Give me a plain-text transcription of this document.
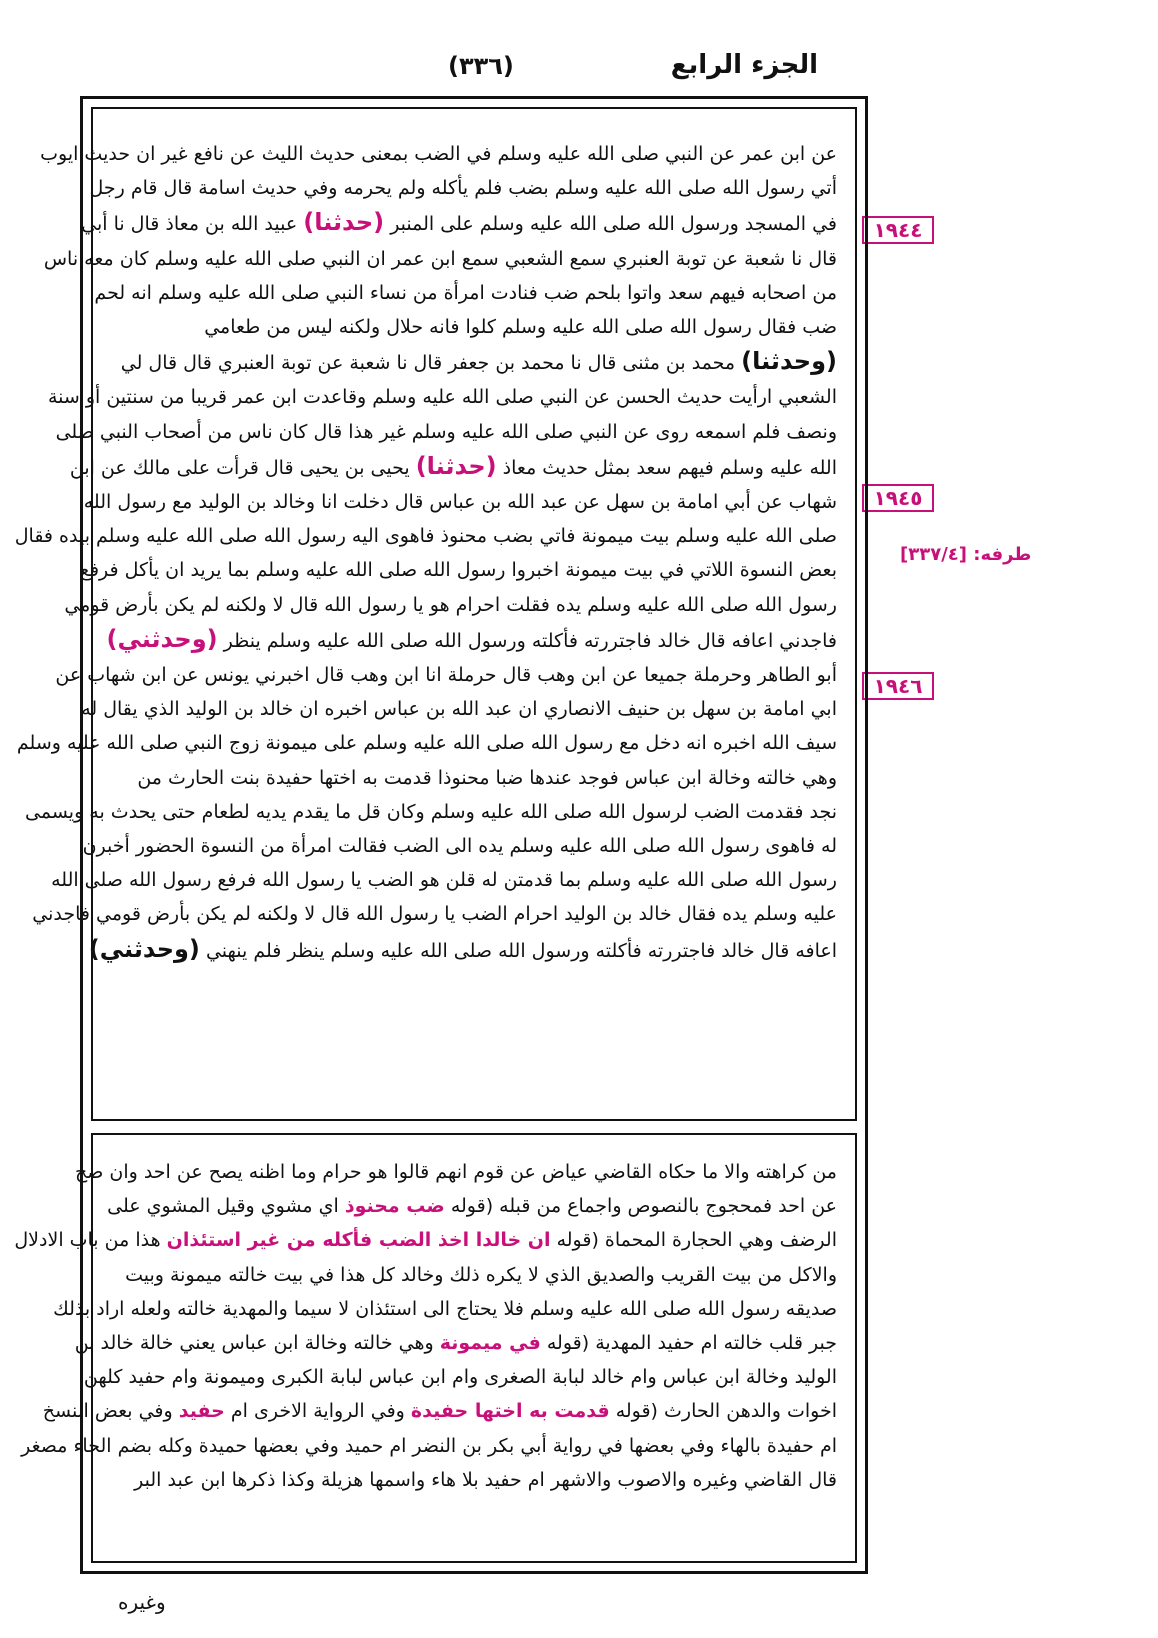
الجزء الرابع
(٣٣٦)
١٩٤٤
١٩٤٥
طرفه: [٣٣٧/٤]
١٩٤٦

عن ابن عمر عن النبي صلى الله عليه وسلم في الضب بمعنى حديث الليث عن نافع غير ان حديث ايوب

أتي رسول الله صلى الله عليه وسلم بضب فلم يأكله ولم يحرمه وفي حديث اسامة قال قام رجل

في المسجد ورسول الله صلى الله عليه وسلم على المنبر (حدثنا) عبيد الله بن معاذ قال نا أبي

قال نا شعبة عن توبة العنبري سمع الشعبي سمع ابن عمر ان النبي صلى الله عليه وسلم كان معه ناس

من اصحابه فيهم سعد واتوا بلحم ضب فنادت امرأة من نساء النبي صلى الله عليه وسلم انه لحم

ضب فقال رسول الله صلى الله عليه وسلم كلوا فانه حلال ولكنه ليس من طعامي

(وحدثنا) محمد بن مثنى قال نا محمد بن جعفر قال نا شعبة عن توبة العنبري قال قال لي

الشعبي ارأيت حديث الحسن عن النبي صلى الله عليه وسلم وقاعدت ابن عمر قريبا من سنتين أو سنة

ونصف فلم اسمعه روى عن النبي صلى الله عليه وسلم غير هذا قال كان ناس من أصحاب النبي صلى

الله عليه وسلم فيهم سعد بمثل حديث معاذ (حدثنا) يحيى بن يحيى قال قرأت على مالك عن ابن

شهاب عن أبي امامة بن سهل عن عبد الله بن عباس قال دخلت انا وخالد بن الوليد مع رسول الله

صلى الله عليه وسلم بيت ميمونة فاتي بضب محنوذ فاهوى اليه رسول الله صلى الله عليه وسلم بيده فقال

بعض النسوة اللاتي في بيت ميمونة اخبروا رسول الله صلى الله عليه وسلم بما يريد ان يأكل فرفع

رسول الله صلى الله عليه وسلم يده فقلت احرام هو يا رسول الله قال لا ولكنه لم يكن بأرض قومي

فاجدني اعافه قال خالد فاجتررته فأكلته ورسول الله صلى الله عليه وسلم ينظر (وحدثني)

أبو الطاهر وحرملة جميعا عن ابن وهب قال حرملة انا ابن وهب قال اخبرني يونس عن ابن شهاب عن

ابي امامة بن سهل بن حنيف الانصاري ان عبد الله بن عباس اخبره ان خالد بن الوليد الذي يقال له

سيف الله اخبره انه دخل مع رسول الله صلى الله عليه وسلم على ميمونة زوج النبي صلى الله عليه وسلم

وهي خالته وخالة ابن عباس فوجد عندها ضبا محنوذا قدمت به اختها حفيدة بنت الحارث من

نجد فقدمت الضب لرسول الله صلى الله عليه وسلم وكان قل ما يقدم يديه لطعام حتى يحدث به ويسمى

له فاهوى رسول الله صلى الله عليه وسلم يده الى الضب فقالت امرأة من النسوة الحضور أخبرن

رسول الله صلى الله عليه وسلم بما قدمتن له قلن هو الضب يا رسول الله فرفع رسول الله صلى الله

عليه وسلم يده فقال خالد بن الوليد احرام الضب يا رسول الله قال لا ولكنه لم يكن بأرض قومي فاجدني

اعافه قال خالد فاجتررته فأكلته ورسول الله صلى الله عليه وسلم ينظر فلم ينهني (وحدثني)

من كراهته والا ما حكاه القاضي عياض عن قوم انهم قالوا هو حرام وما اظنه يصح عن احد وان صح

عن احد فمحجوج بالنصوص واجماع من قبله (قوله ضب محنوذ اي مشوي وقيل المشوي على

الرضف وهي الحجارة المحماة (قوله ان خالدا اخذ الضب فأكله من غير استئذان هذا من باب الادلال

والاكل من بيت القريب والصديق الذي لا يكره ذلك وخالد كل هذا في بيت خالته ميمونة وبيت

صديقه رسول الله صلى الله عليه وسلم فلا يحتاج الى استئذان لا سيما والمهدية خالته ولعله اراد بذلك

جبر قلب خالته ام حفيد المهدية (قوله في ميمونة وهي خالته وخالة ابن عباس يعني خالة خالد بن

الوليد وخالة ابن عباس وام خالد لبابة الصغرى وام ابن عباس لبابة الكبرى وميمونة وام حفيد كلهن

اخوات والدهن الحارث (قوله قدمت به اختها حفيدة وفي الرواية الاخرى ام حفيد وفي بعض النسخ

ام حفيدة بالهاء وفي بعضها في رواية أبي بكر بن النضر ام حميد وفي بعضها حميدة وكله بضم الحاء مصغر

قال القاضي وغيره والاصوب والاشهر ام حفيد بلا هاء واسمها هزيلة وكذا ذكرها ابن عبد البر

وغيره
